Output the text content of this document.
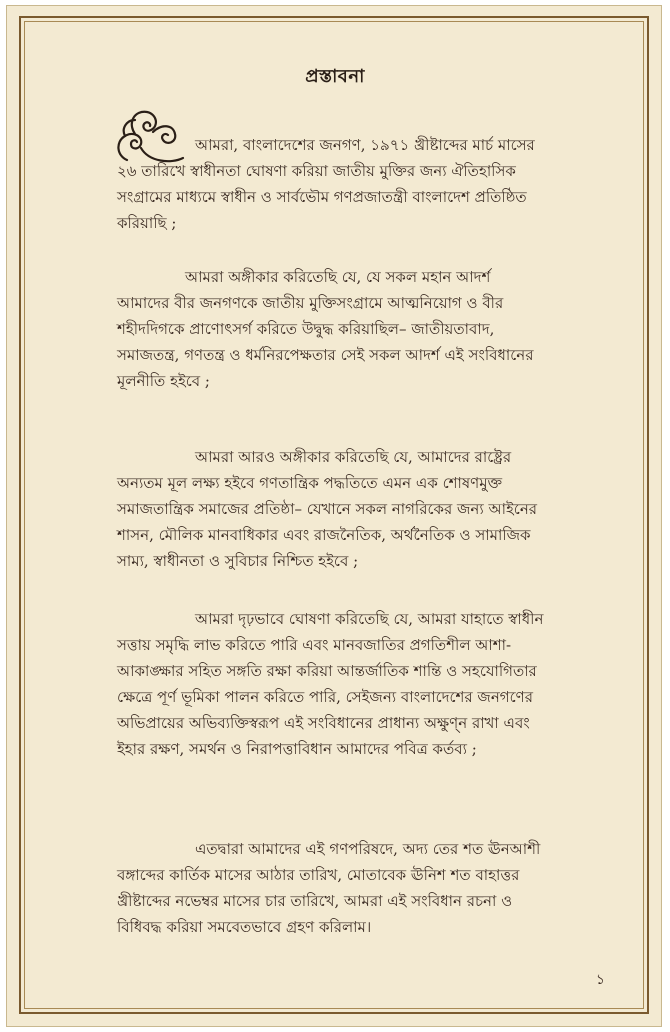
প্রস্তাবনা
আমরা, বাংলাদেশের জনগণ, ১৯৭১ খ্রীষ্টাব্দের মার্চ মাসের ২৬ তারিখে স্বাধীনতা ঘোষণা করিয়া জাতীয় মুক্তির জন্য ঐতিহাসিক সংগ্রামের মাধ্যমে স্বাধীন ও সার্বভৌম গণপ্রজাতন্ত্রী বাংলাদেশ প্রতিষ্ঠিত করিয়াছি ;
আমরা অঙ্গীকার করিতেছি যে, যে সকল মহান আদর্শ আমাদের বীর জনগণকে জাতীয় মুক্তিসংগ্রামে আত্মনিয়োগ ও বীর শহীদদিগকে প্রাণোৎসর্গ করিতে উদ্বুদ্ধ করিয়াছিল– জাতীয়তাবাদ, সমাজতন্ত্র, গণতন্ত্র ও ধর্মনিরপেক্ষতার সেই সকল আদর্শ এই সংবিধানের মূলনীতি হইবে ;
আমরা আরও অঙ্গীকার করিতেছি যে, আমাদের রাষ্ট্রের অন্যতম মূল লক্ষ্য হইবে গণতান্ত্রিক পদ্ধতিতে এমন এক শোষণমুক্ত সমাজতান্ত্রিক সমাজের প্রতিষ্ঠা– যেখানে সকল নাগরিকের জন্য আইনের শাসন, মৌলিক মানবাধিকার এবং রাজনৈতিক, অর্থনৈতিক ও সামাজিক সাম্য, স্বাধীনতা ও সুবিচার নিশ্চিত হইবে ;
আমরা দৃঢ়ভাবে ঘোষণা করিতেছি যে, আমরা যাহাতে স্বাধীন সত্তায় সমৃদ্ধি লাভ করিতে পারি এবং মানবজাতির প্রগতিশীল আশা-আকাঙ্ক্ষার সহিত সঙ্গতি রক্ষা করিয়া আন্তর্জাতিক শান্তি ও সহযোগিতার ক্ষেত্রে পূর্ণ ভূমিকা পালন করিতে পারি, সেইজন্য বাংলাদেশের জনগণের অভিপ্রায়ের অভিব্যক্তিস্বরূপ এই সংবিধানের প্রাধান্য অক্ষুণ্ন রাখা এবং ইহার রক্ষণ, সমর্থন ও নিরাপত্তাবিধান আমাদের পবিত্র কর্তব্য ;
এতদ্বারা আমাদের এই গণপরিষদে, অদ্য তের শত ঊনআশী বঙ্গাব্দের কার্তিক মাসের আঠার তারিখ, মোতাবেক ঊনিশ শত বাহাত্তর খ্রীষ্টাব্দের নভেম্বর মাসের চার তারিখে, আমরা এই সংবিধান রচনা ও বিধিবদ্ধ করিয়া সমবেতভাবে গ্রহণ করিলাম।
১
